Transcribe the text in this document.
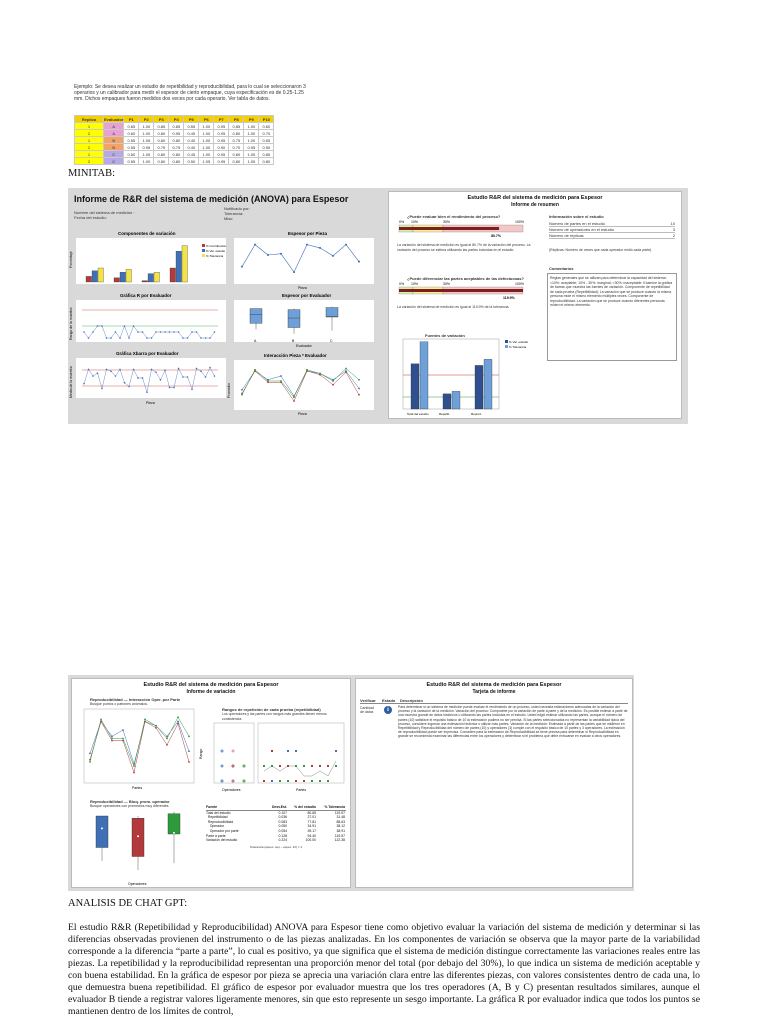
Ejemplo: Se desea realizar un estudio de repetibilidad y reproducibilidad, para lo cual se seleccionaron 3 operarios y un calibrador para medir el espesor de cierto empaque, cuya especificación es de 0.25-1.25 mm. Dichos empaques fueron medidos dos veces por cada operario. Ver tabla de datos.
Replica	Evaluador	P1	P2	P3	P4	P5	P6	P7	P8	P9	P10
1	A	0.65	1.00	0.85	0.85	0.55	1.00	0.95	0.85	1.00	0.60
2	A	0.60	1.00	0.80	0.95	0.45	1.00	0.95	0.80	1.00	0.70
1	B	0.55	1.05	0.80	0.80	0.40	1.00	0.95	0.75	1.00	0.55
2	B	0.55	0.95	0.75	0.75	0.40	1.00	0.90	0.70	0.95	0.50
1	C	0.50	1.05	0.80	0.80	0.45	1.00	0.95	0.80	1.05	0.85
2	C	0.55	1.00	0.80	0.80	0.50	1.05	0.95	0.80	1.05	0.80
MINITAB:
Informe de R&R del sistema de medición (ANOVA) para Espesor
Nombre del sistema de medición :
Fecha del estudio:
Notificado por:
Tolerancia:
Misc:
Componentes de variación	Espesor por Pieza
Gráfica R por Evaluador	Espesor por Evaluador
Gráfica Xbarra por Evaluador	Interacción Pieza * Evaluador
Porcentaje
Pieza
Evaluador
Rango de la muestra
Media de la muestra
Pieza
Promedio
Pieza
% Contribución
% Var. estudio
% Tolerancia
A	B	C
Estudio R&R del sistema de medición para Espesor
Informe de resumen
¿Puede evaluar bien el rendimiento del proceso?
0% 10%	30%	100%
80.7%
La variación del sistema de medición es igual al 80.7% de la variación del proceso. La variación del proceso se estima utilizando las partes incluidas en el estudio.
¿Puede diferenciar las partes aceptables de las defectuosas?
0% 10%	30%	100%
119.9%
La variación del sistema de medición es igual al 119.9% de la tolerancia.
Fuentes de variación
% Var. estudio
% Tolerancia
Total del estudio	Repetib.	Reprod.
Información sobre el estudio
Número de partes en el estudio	10
Número de operadores en el estudio	3
Número de réplicas	2
(Replicas: Número de veces que cada operador midió cada parte)
Comentarios
Reglas generales que se utilizan para determinar la capacidad del sistema: <10%: aceptable; 10% - 30%: marginal; >30%: inaceptable. Examine la gráfica de barras que muestra las fuentes de variación. Componente de repetibilidad de cada prueba (Repetibilidad): La variación que se produce cuando la misma persona mide el mismo elemento múltiples veces. Componente de reproducibilidad: La variación que se produce cuando diferentes personas miden el mismo elemento.
Estudio R&R del sistema de medición para Espesor
Informe de variación
Reproducibilidad — Interacción Oper. por Parte
Busque puntos o patrones anómalos.
Rangos de repetición de cada prueba (repetibilidad)
Los operadores y las partes con rangos más grandes tienen menos consistencia.
Reproducibilidad — Bloq. prom. operador
Busque operadores con promedios muy diferentes.
Partes
Rango
Operadores	Partes
Operadores
Fuente	Desv.Est.	% del estudio	% Tolerancia
Total del estudio	0.107	80.65	119.97
Repetibilidad	0.036	27.01	31.48
Reproducibilidad	0.083	77.81	88.63
Operador	0.050	34.91	38.12
Operador por parte	0.054	39.17	38.91
Parte a parte	0.128	94.40	119.57
Variación del estudio	0.224	100.00	122.38
Tolerancia (espec. sup – espec. inf) = 1
Estudio R&R del sistema de medición para Espesor
Tarjeta de informe
Verificar Estado Descripción
Cantidad de datos	i	Para determinar si un sistema de medición puede evaluar el rendimiento de un proceso, usted necesita estimaciones adecuadas de la variación del proceso y la variación de la medición. Variación del proceso: Compruebe por la variación de parte a parte y de la medición. Es posible estimar a partir de una muestra grande de datos históricos o utilizando las partes incluidas en el estudio. Usted eligió estimar utilizando las partes, aunque el número de partes (10) satisface el requisito básico de 10 la estimación pudiera no ser precisa. Si las partes seleccionadas no representan la variabilidad típica del proceso, considere ingresar una estimación histórica o utilizar más partes. Variación de la medición: Estimada a partir de las partes que se midieron en Repetibilidad y Reproducibilidad del número de partes (10) y operadores (3) cumple con el requisito básico de 10 partes y 3 operadores. La estimación de reproducibilidad puede ser imprecisa. Considere para la estimación de Reproducibilidad se tiene precisa para determinar si Reproducibilidad es grande se recomienda examinar las diferencias entre los operadores y determinar si el problema que debe enfocarse en evaluar a otros operadores.
ANALISIS DE CHAT GPT:
El estudio R&R (Repetibilidad y Reproducibilidad) ANOVA para Espesor tiene como objetivo evaluar la variación del sistema de medición y determinar si las diferencias observadas provienen del instrumento o de las piezas analizadas. En los componentes de variación se observa que la mayor parte de la variabilidad corresponde a la diferencia “parte a parte”, lo cual es positivo, ya que significa que el sistema de medición distingue correctamente las variaciones reales entre las piezas. La repetibilidad y la reproducibilidad representan una proporción menor del total (por debajo del 30%), lo que indica un sistema de medición aceptable y con buena estabilidad. En la gráfica de espesor por pieza se aprecia una variación clara entre las diferentes piezas, con valores consistentes dentro de cada una, lo que demuestra buena repetibilidad. El gráfico de espesor por evaluador muestra que los tres operadores (A, B y C) presentan resultados similares, aunque el evaluador B tiende a registrar valores ligeramente menores, sin que esto represente un sesgo importante. La gráfica R por evaluador indica que todos los puntos se mantienen dentro de los límites de control,
